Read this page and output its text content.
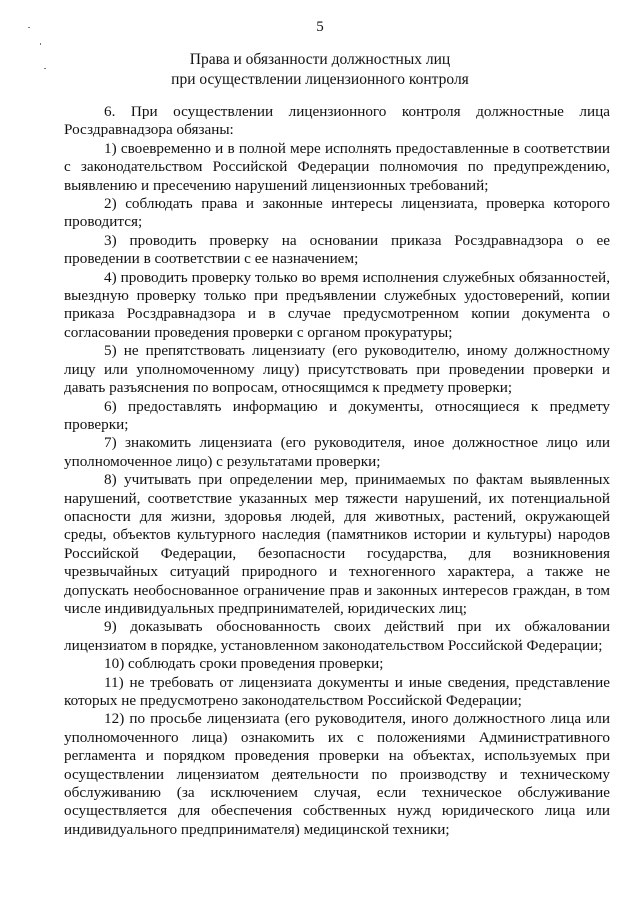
5
Права и обязанности должностных лиц
при осуществлении лицензионного контроля

6. При осуществлении лицензионного контроля должностные лица Росздравнадзора обязаны:

1) своевременно и в полной мере исполнять предоставленные в соответствии с законодательством Российской Федерации полномочия по предупреждению, выявлению и пресечению нарушений лицензионных требований;

2) соблюдать права и законные интересы лицензиата, проверка которого проводится;

3) проводить проверку на основании приказа Росздравнадзора о ее проведении в соответствии с ее назначением;

4) проводить проверку только во время исполнения служебных обязанностей, выездную проверку только при предъявлении служебных удостоверений, копии приказа Росздравнадзора и в случае предусмотренном копии документа о согласовании проведения проверки с органом прокуратуры;

5) не препятствовать лицензиату (его руководителю, иному должностному лицу или уполномоченному лицу) присутствовать при проведении проверки и давать разъяснения по вопросам, относящимся к предмету проверки;

6) предоставлять информацию и документы, относящиеся к предмету проверки;

7) знакомить лицензиата (его руководителя, иное должностное лицо или уполномоченное лицо) с результатами проверки;

8) учитывать при определении мер, принимаемых по фактам выявленных нарушений, соответствие указанных мер тяжести нарушений, их потенциальной опасности для жизни, здоровья людей, для животных, растений, окружающей среды, объектов культурного наследия (памятников истории и культуры) народов Российской Федерации, безопасности государства, для возникновения чрезвычайных ситуаций природного и техногенного характера, а также не допускать необоснованное ограничение прав и законных интересов граждан, в том числе индивидуальных предпринимателей, юридических лиц;

9) доказывать обоснованность своих действий при их обжаловании лицензиатом в порядке, установленном законодательством Российской Федерации;

10) соблюдать сроки проведения проверки;

11) не требовать от лицензиата документы и иные сведения, представление которых не предусмотрено законодательством Российской Федерации;

12) по просьбе лицензиата (его руководителя, иного должностного лица или уполномоченного лица) ознакомить их с положениями Административного регламента и порядком проведения проверки на объектах, используемых при осуществлении лицензиатом деятельности по производству и техническому обслуживанию (за исключением случая, если техническое обслуживание осуществляется для обеспечения собственных нужд юридического лица или индивидуального предпринимателя) медицинской техники;
